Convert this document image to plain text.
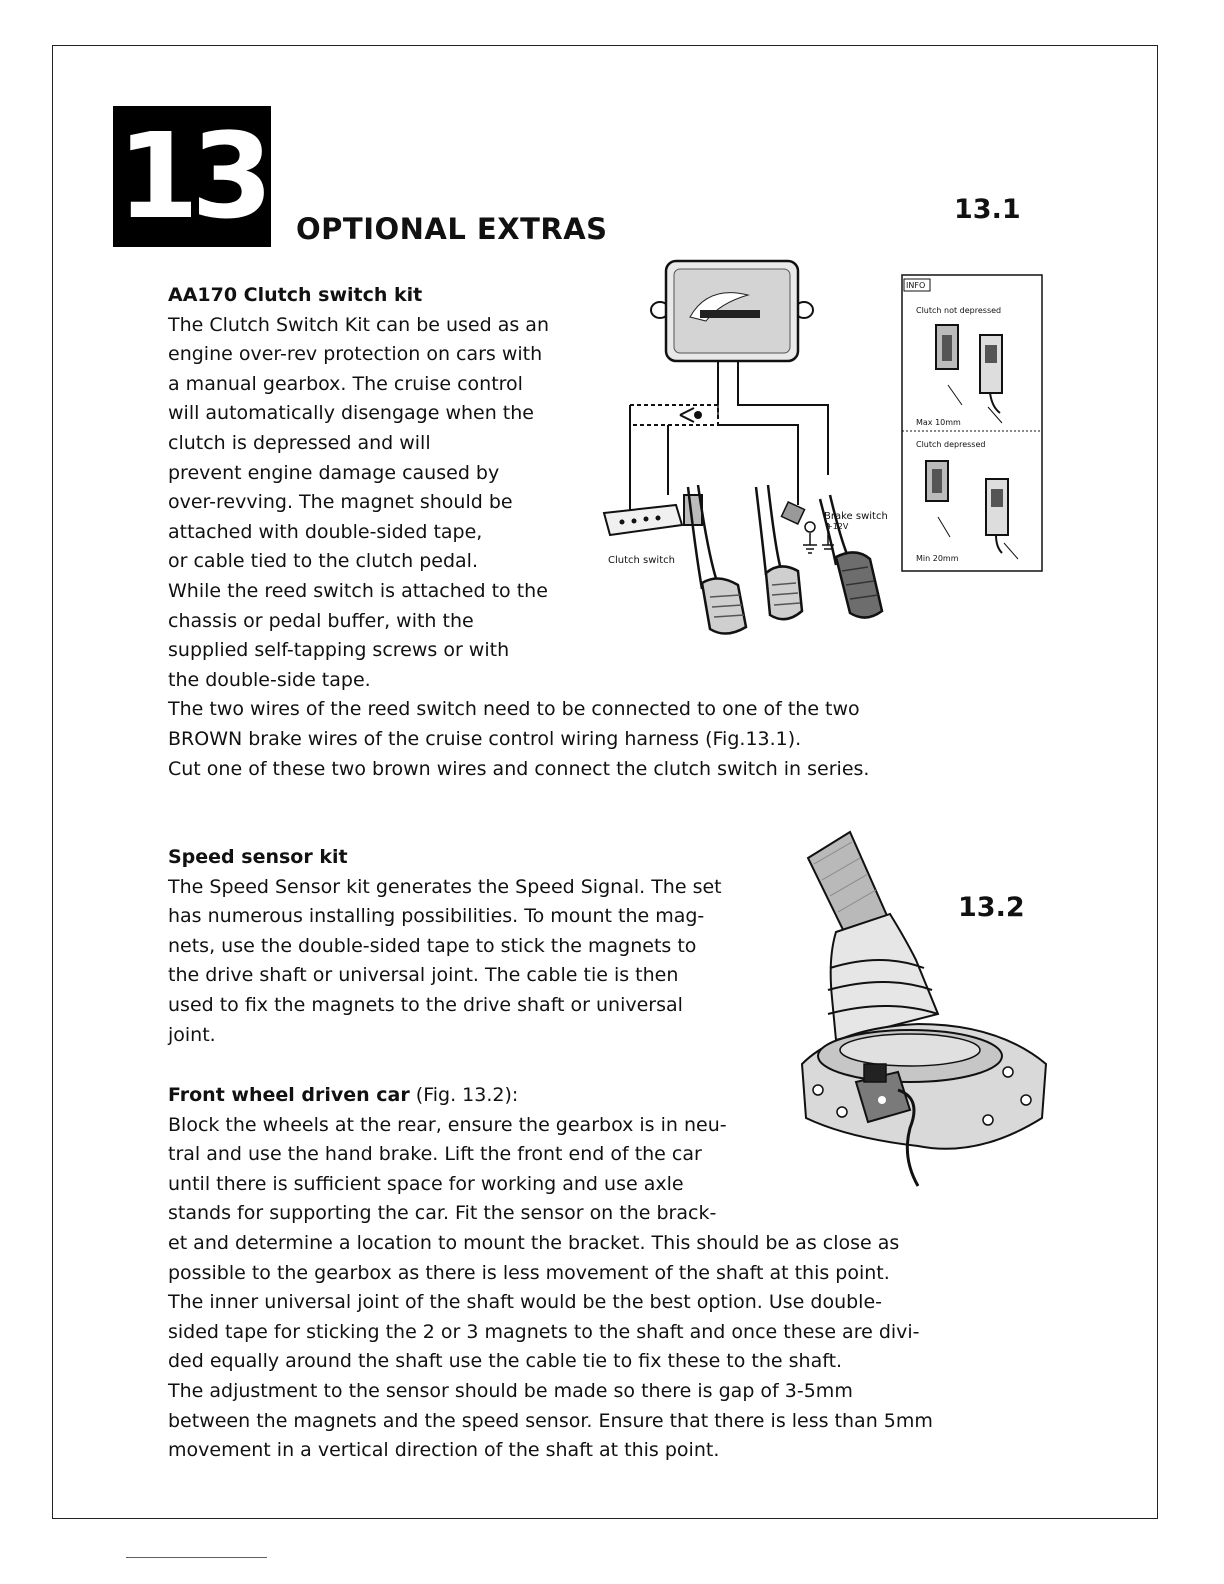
13 OPTIONAL EXTRAS
13.1
13.2
AA170 Clutch switch kit
The Clutch Switch Kit can be used as an
engine over-rev protection on cars with
a manual gearbox. The cruise control
will automatically disengage when the
clutch is depressed and will
prevent engine damage caused by
over-revving. The magnet should be
attached with double-sided tape,
or cable tied to the clutch pedal.
While the reed switch is attached to the
chassis or pedal buffer, with the
supplied self-tapping screws or with
the double-side tape.
The two wires of the reed switch need to be connected to one of the two
BROWN brake wires of the cruise control wiring harness (Fig.13.1).
Cut one of these two brown wires and connect the clutch switch in series.
Speed sensor kit
The Speed Sensor kit generates the Speed Signal. The set
has numerous installing possibilities. To mount the mag-
nets, use the double-sided tape to stick the magnets to
the drive shaft or universal joint. The cable tie is then
used to fix the magnets to the drive shaft or universal
joint.
Front wheel driven car (Fig. 13.2):
Block the wheels at the rear, ensure the gearbox is in neu-
tral and use the hand brake. Lift the front end of the car
until there is sufficient space for working and use axle
stands for supporting the car. Fit the sensor on the brack-
et and determine a location to mount the bracket. This should be as close as
possible to the gearbox as there is less movement of the shaft at this point.
The inner universal joint of the shaft would be the best option. Use double-
sided tape for sticking the 2 or 3 magnets to the shaft and once these are divi-
ded equally around the shaft use the cable tie to fix these to the shaft.
The adjustment to the sensor should be made so there is gap of 3-5mm
between the magnets and the speed sensor. Ensure that there is less than 5mm
movement in a vertical direction of the shaft at this point.
Clutch switch
Brake switch
+12V
INFO
Clutch not depressed
Max 10mm
Clutch depressed
Min 20mm
